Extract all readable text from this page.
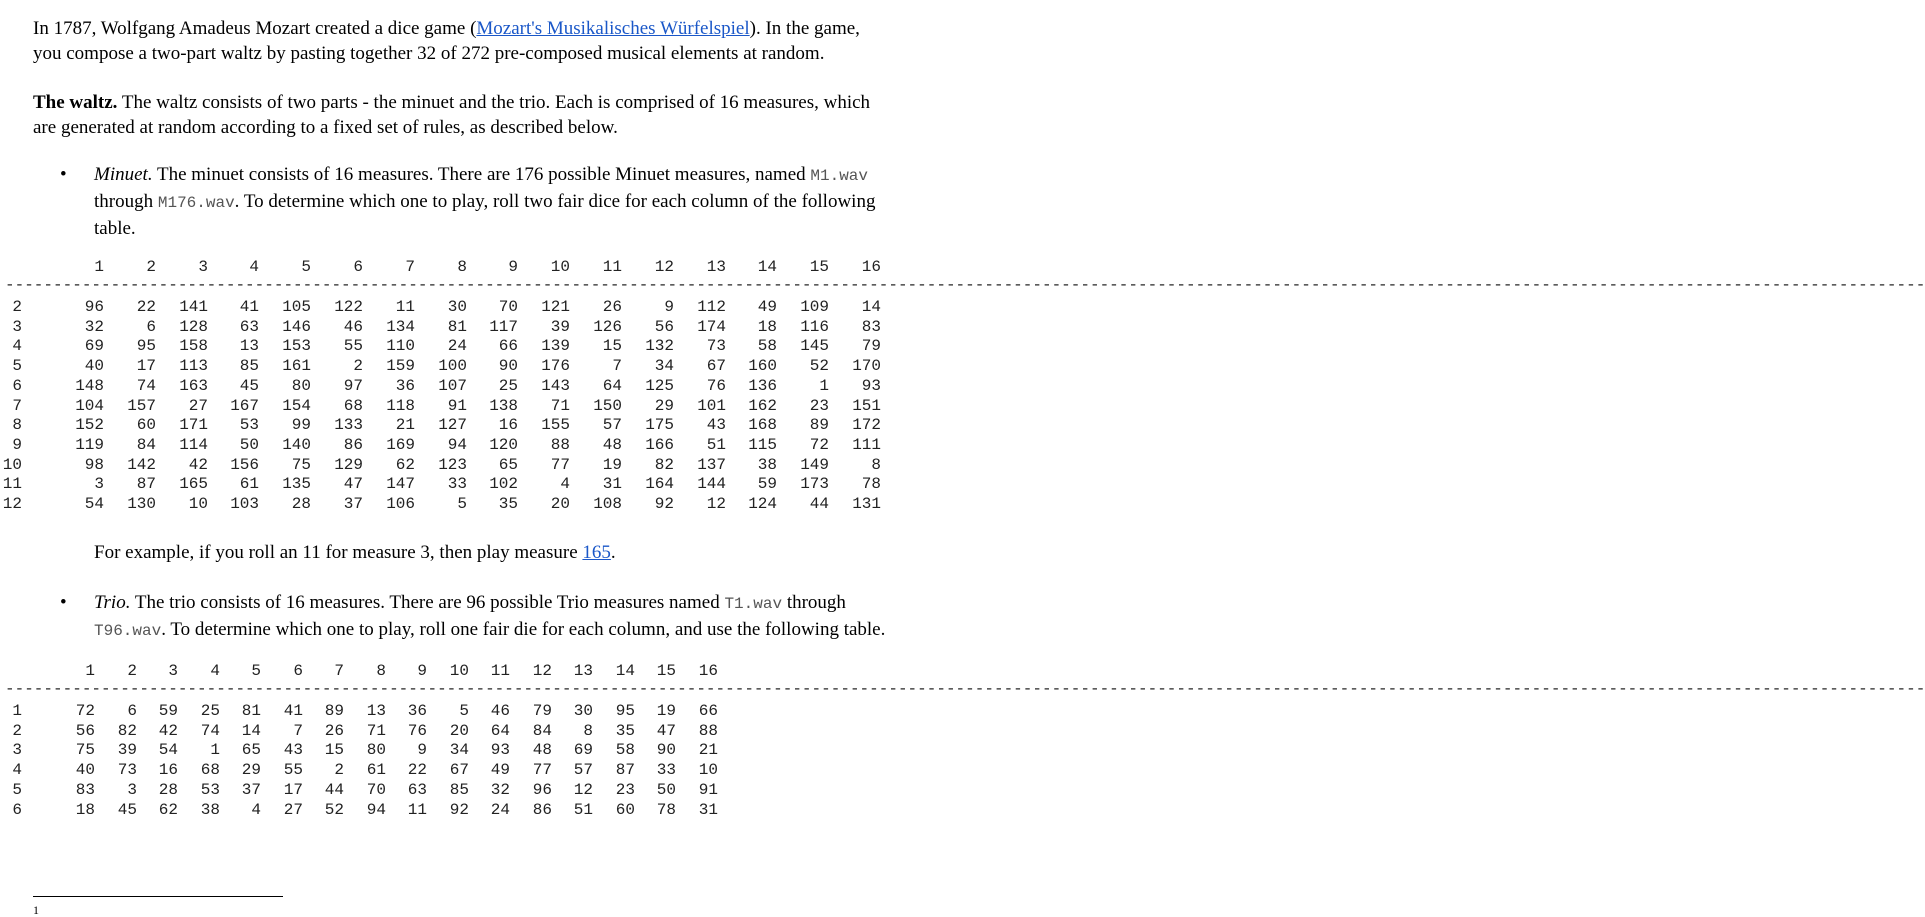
In 1787, Wolfgang Amadeus Mozart created a dice game (Mozart's Musikalisches Würfelspiel). In the game,

you compose a two-part waltz by pasting together 32 of 272 pre-composed musical elements at random.

The waltz. The waltz consists of two parts - the minuet and the trio. Each is comprised of 16 measures, which

are generated at random according to a fixed set of rules, as described below.

• Minuet. The minuet consists of 16 measures. There are 176 possible Minuet measures, named M1.wav

through M176.wav. To determine which one to play, roll two fair dice for each column of the following

table.

1	2	3	4	5	6	7	8	9	10	11	12	13	14	15	16
--------------------------------------------------------------------------------------------------------------------------------------------------------------------------------------------------------
2	96	22	141	41	105	122	11	30	70	121	26	9	112	49	109	14
3	32	6	128	63	146	46	134	81	117	39	126	56	174	18	116	83
4	69	95	158	13	153	55	110	24	66	139	15	132	73	58	145	79
5	40	17	113	85	161	2	159	100	90	176	7	34	67	160	52	170
6	148	74	163	45	80	97	36	107	25	143	64	125	76	136	1	93
7	104	157	27	167	154	68	118	91	138	71	150	29	101	162	23	151
8	152	60	171	53	99	133	21	127	16	155	57	175	43	168	89	172
9	119	84	114	50	140	86	169	94	120	88	48	166	51	115	72	111
10	98	142	42	156	75	129	62	123	65	77	19	82	137	38	149	8
11	3	87	165	61	135	47	147	33	102	4	31	164	144	59	173	78
12	54	130	10	103	28	37	106	5	35	20	108	92	12	124	44	131

For example, if you roll an 11 for measure 3, then play measure 165.

• Trio. The trio consists of 16 measures. There are 96 possible Trio measures named T1.wav through

T96.wav. To determine which one to play, roll one fair die for each column, and use the following table.

1	2	3	4	5	6	7	8	9	10	11	12	13	14	15	16
--------------------------------------------------------------------------------------------------------------------------------------------------------------------------------------------------------
1	72	6	59	25	81	41	89	13	36	5	46	79	30	95	19	66
2	56	82	42	74	14	7	26	71	76	20	64	84	8	35	47	88
3	75	39	54	1	65	43	15	80	9	34	93	48	69	58	90	21
4	40	73	16	68	29	55	2	61	22	67	49	77	57	87	33	10
5	83	3	28	53	37	17	44	70	63	85	32	96	12	23	50	91
6	18	45	62	38	4	27	52	94	11	92	24	86	51	60	78	31
1
